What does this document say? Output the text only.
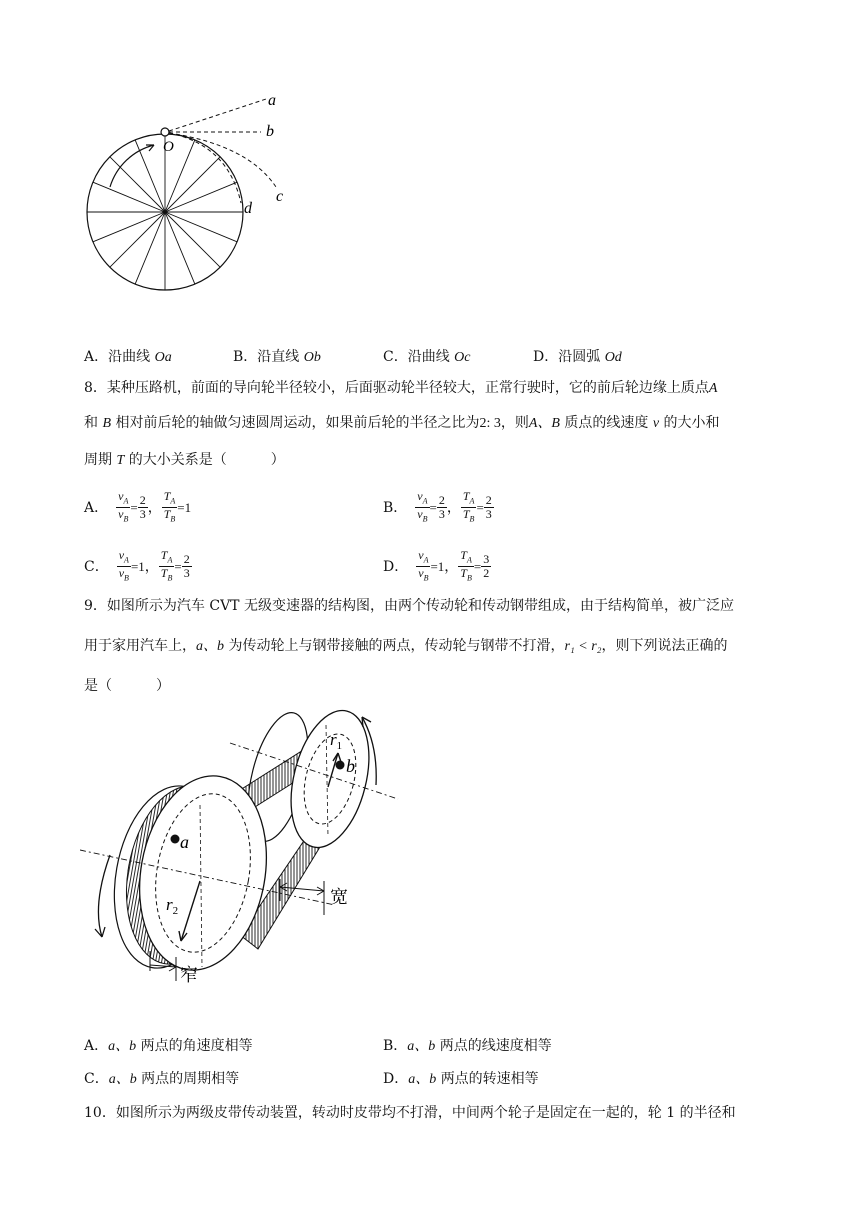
a
b
c
d
O
A．沿曲线 Oa	B．沿直线 Ob	C．沿曲线 Oc	D．沿圆弧 Od
8．某种压路机，前面的导向轮半径较小，后面驱动轮半径较大，正常行驶时，它的前后轮边缘上质点A
和 B 相对前后轮的轴做匀速圆周运动，如果前后轮的半径之比为2: 3，则A、B 质点的线速度 v 的大小和
周期 T 的大小关系是（	）
A． $\frac{v_A}{v_B} = \frac{2}{3}$ ， $\frac{T_A}{T_B} = 1$	B． $\frac{v_A}{v_B} = \frac{2}{3}$ ， $\frac{T_A}{T_B} = \frac{2}{3}$
C． $\frac{v_A}{v_B} = 1$ ， $\frac{T_A}{T_B} = \frac{2}{3}$	D． $\frac{v_A}{v_B} = 1$ ， $\frac{T_A}{T_B} = \frac{3}{2}$
9．如图所示为汽车 CVT 无级变速器的结构图，由两个传动轮和传动钢带组成，由于结构简单，被广泛应
用于家用汽车上，a、b 为传动轮上与钢带接触的两点，传动轮与钢带不打滑，r₁ < r₂，则下列说法正确的
是（	）
a
b
$r_1$
$r_2$
宽
窄
A．a、b 两点的角速度相等	B．a、b 两点的线速度相等
C．a、b 两点的周期相等	D．a、b 两点的转速相等
10．如图所示为两级皮带传动装置，转动时皮带均不打滑，中间两个轮子是固定在一起的，轮 1 的半径和
